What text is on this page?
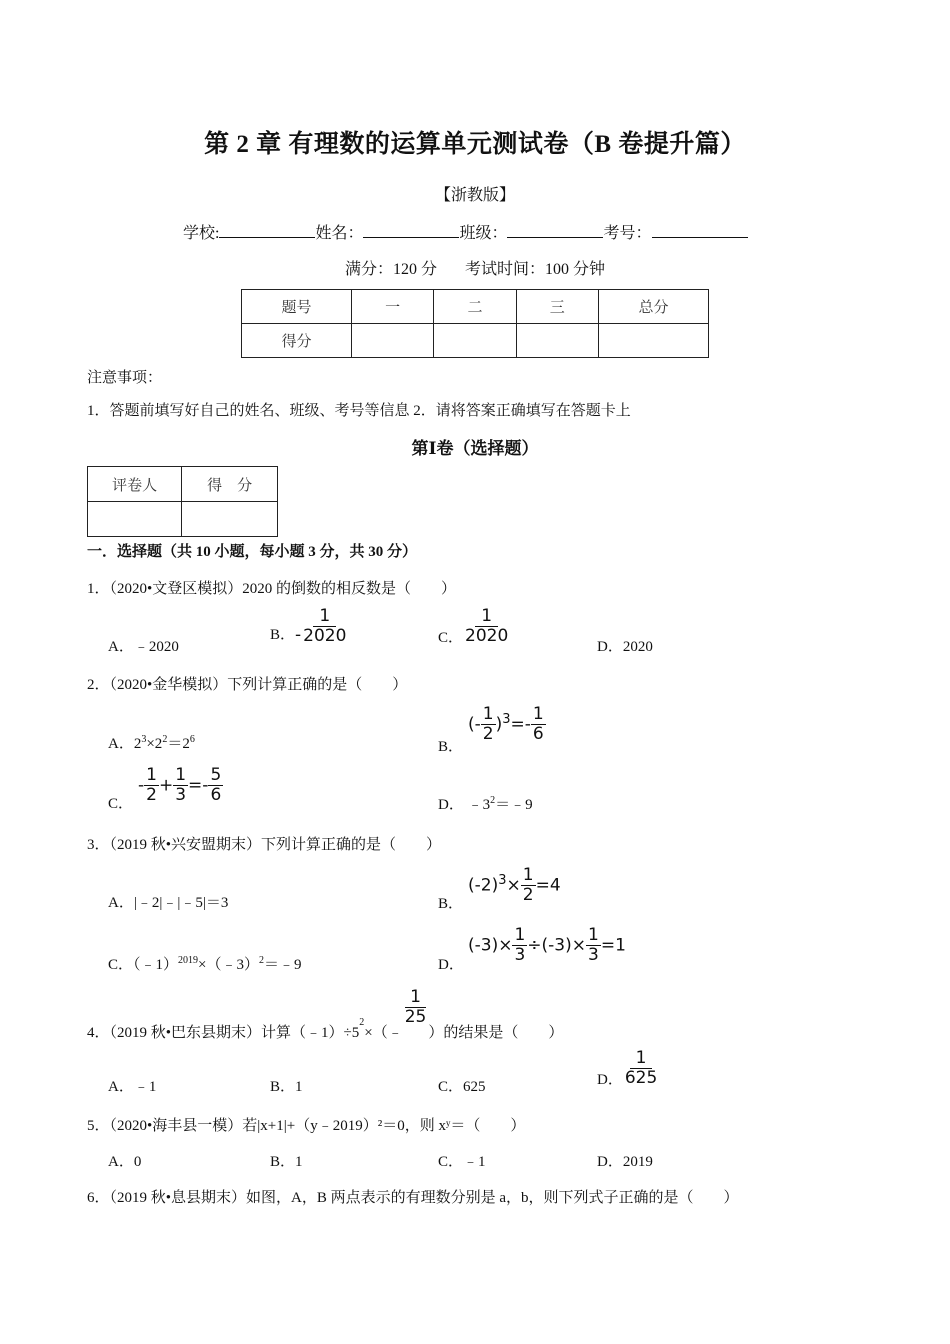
第 2 章 有理数的运算单元测试卷（B 卷提升篇）
【浙教版】
学校:	姓名：	班级：	考号：
满分：120 分 考试时间：100 分钟
题号	一	二	三	总分
得分				
注意事项：
1．答题前填写好自己的姓名、班级、考号等信息 2．请将答案正确填写在答题卡上
第Ⅰ卷（选择题）
评卷人	得　分

一．选择题（共 10 小题，每小题 3 分，共 30 分）
1．（2020•文登区模拟）2020 的倒数的相反数是（　　）
A．﹣2020
B．- $\frac{1}{2020}$	C． $\frac{1}{2020}$
D．2020
2．（2020•金华模拟）下列计算正确的是（　　）
A．$2^3\times 2^2=2^6$	B．
(- $\frac{1}{2} )^3=- \frac{1}{6}$
C．
- $\frac{1}{2} + \frac{1}{3} =- \frac{5}{6}$	D． $﹣3^2=﹣9$
3．（2019 秋•兴安盟期末）下列计算正确的是（　　）
A．|﹣2|﹣|﹣5|＝3	B．
$(-2)^3\times \frac{1}{2} =4$
C．（﹣1）$^{2019}$×（﹣3）$^2$＝﹣9	D．
$(-3)\times \frac{1}{3} \div(-3)\times \frac{1}{3} =1$
4．（2019 秋•巴东县期末）计算$(﹣1)\div 5^2\times(﹣$
$\frac{1}{25}$
）的结果是（　　）
A．﹣1	B．1	C．625	D． $\frac{1}{625}$
5．（2020•海丰县一模）若|x+1|+（y﹣2019）²＝0，则 xʸ＝（　　）
A．0	B．1	C．﹣1	D．2019
6．（2019 秋•息县期末）如图，A，B 两点表示的有理数分别是 a，b，则下列式子正确的是（　　）
